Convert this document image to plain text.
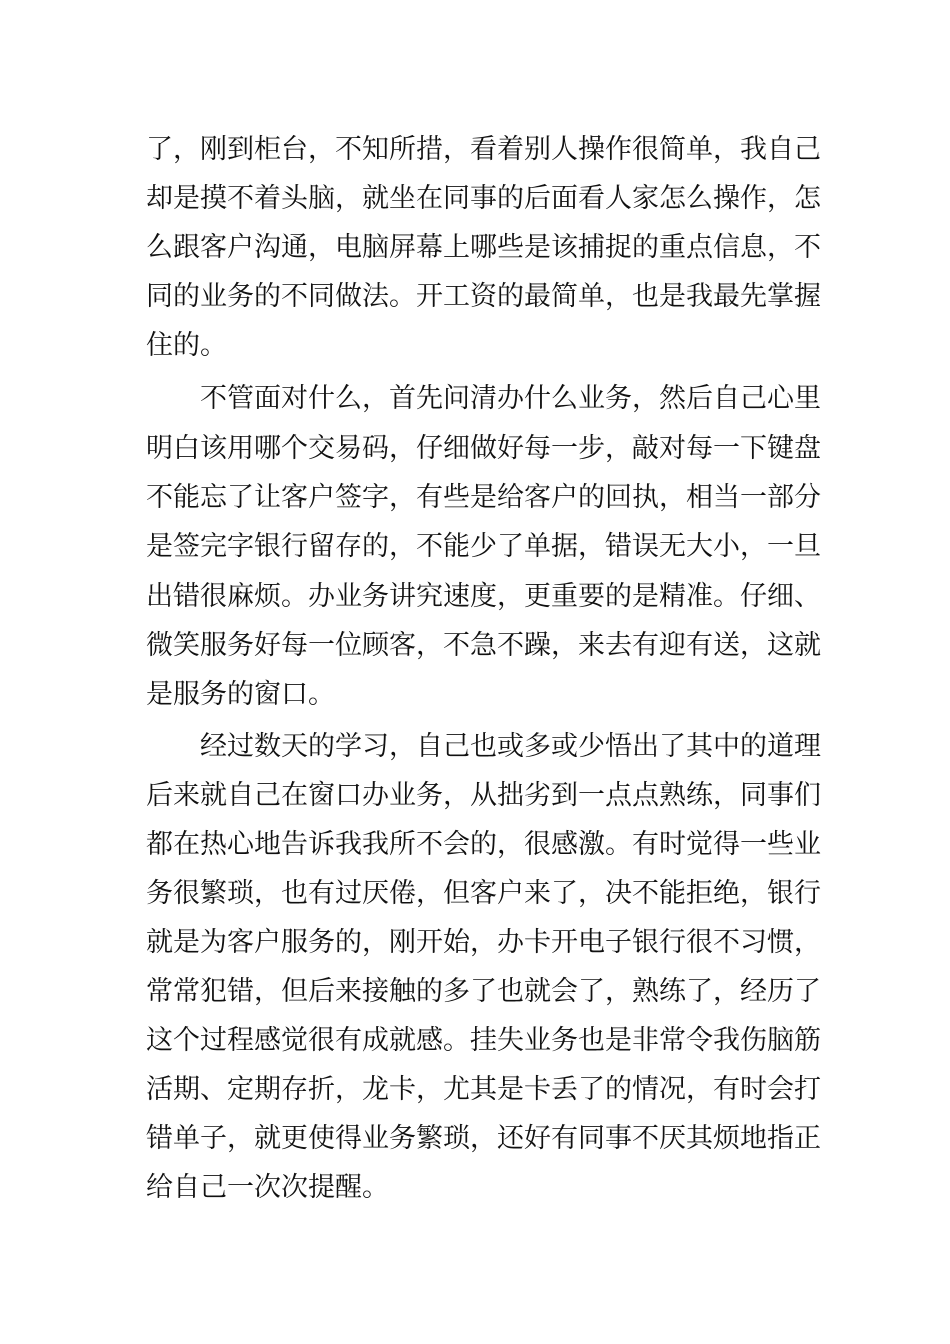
了，刚到柜台，不知所措，看着别人操作很简单，我自己
却是摸不着头脑，就坐在同事的后面看人家怎么操作，怎
么跟客户沟通，电脑屏幕上哪些是该捕捉的重点信息，不
同的业务的不同做法。开工资的最简单，也是我最先掌握
住的。
不管面对什么，首先问清办什么业务，然后自己心里
明白该用哪个交易码，仔细做好每一步，敲对每一下键盘
不能忘了让客户签字，有些是给客户的回执，相当一部分
是签完字银行留存的，不能少了单据，错误无大小，一旦
出错很麻烦。办业务讲究速度，更重要的是精准。仔细、
微笑服务好每一位顾客，不急不躁，来去有迎有送，这就
是服务的窗口。
经过数天的学习，自己也或多或少悟出了其中的道理
后来就自己在窗口办业务，从拙劣到一点点熟练，同事们
都在热心地告诉我我所不会的，很感激。有时觉得一些业
务很繁琐，也有过厌倦，但客户来了，决不能拒绝，银行
就是为客户服务的，刚开始，办卡开电子银行很不习惯，
常常犯错，但后来接触的多了也就会了，熟练了，经历了
这个过程感觉很有成就感。挂失业务也是非常令我伤脑筋
活期、定期存折，龙卡，尤其是卡丢了的情况，有时会打
错单子，就更使得业务繁琐，还好有同事不厌其烦地指正
给自己一次次提醒。
